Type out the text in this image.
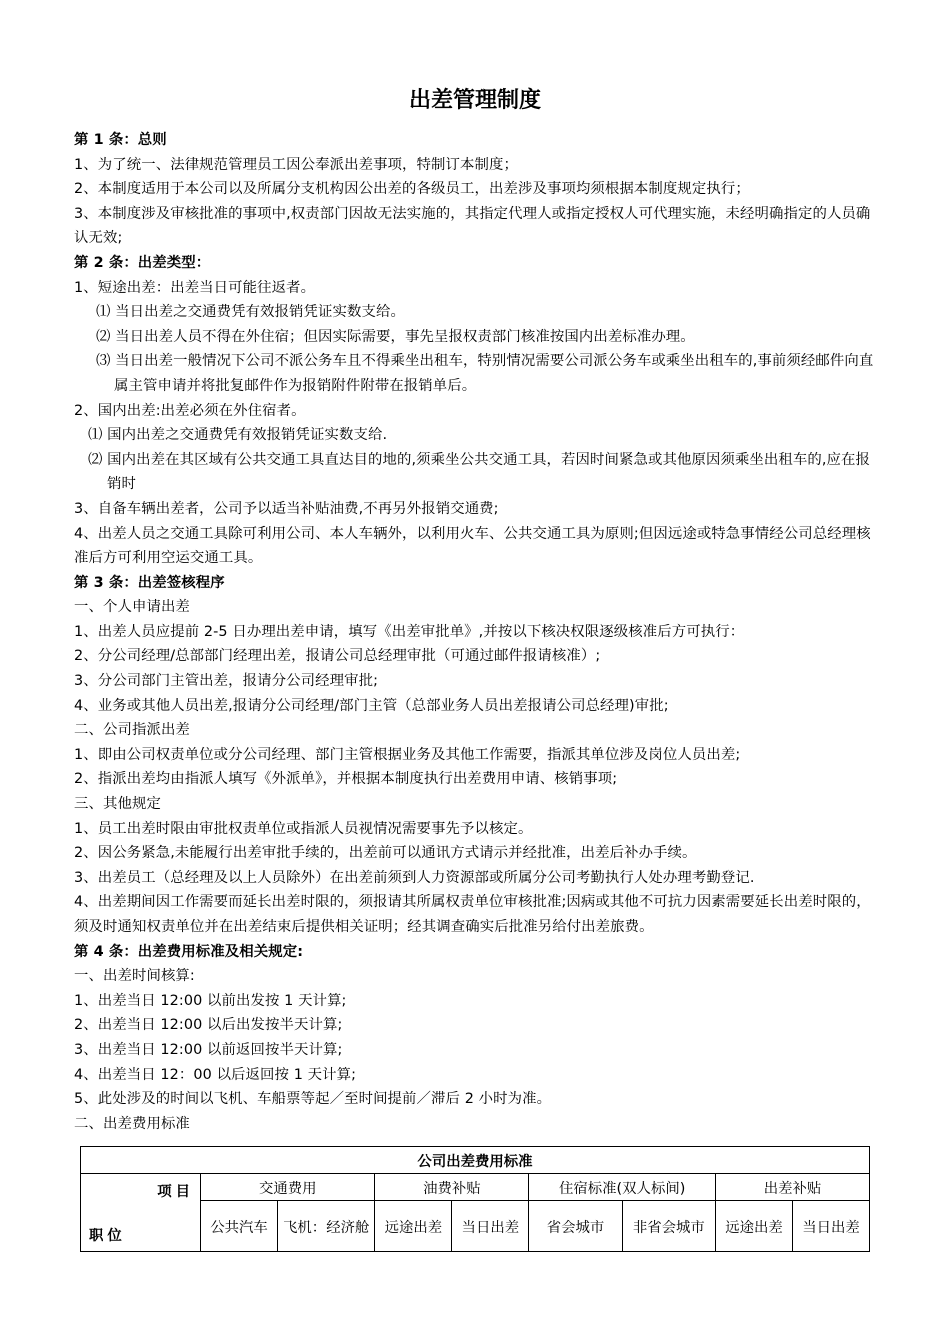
出差管理制度

第 1 条：总则

1、为了统一、法律规范管理员工因公奉派出差事项，特制订本制度；

2、本制度适用于本公司以及所属分支机构因公出差的各级员工，出差涉及事项均须根据本制度规定执行；

3、本制度涉及审核批准的事项中,权责部门因故无法实施的，其指定代理人或指定授权人可代理实施，未经明确指定的人员确认无效;

第 2 条：出差类型：

1、短途出差：出差当日可能往返者。

⑴ 当日出差之交通费凭有效报销凭证实数支给。

⑵ 当日出差人员不得在外住宿；但因实际需要，事先呈报权责部门核准按国内出差标准办理。

⑶ 当日出差一般情况下公司不派公务车且不得乘坐出租车，特别情况需要公司派公务车或乘坐出租车的,事前须经邮件向直属主管申请并将批复邮件作为报销附件附带在报销单后。

2、国内出差:出差必须在外住宿者。

⑴ 国内出差之交通费凭有效报销凭证实数支给.

⑵ 国内出差在其区域有公共交通工具直达目的地的,须乘坐公共交通工具，若因时间紧急或其他原因须乘坐出租车的,应在报销时

3、自备车辆出差者，公司予以适当补贴油费,不再另外报销交通费;

4、出差人员之交通工具除可利用公司、本人车辆外，以利用火车、公共交通工具为原则;但因远途或特急事情经公司总经理核准后方可利用空运交通工具。

第 3 条：出差签核程序

一、个人申请出差

1、出差人员应提前 2-5 日办理出差申请，填写《出差审批单》,并按以下核决权限逐级核准后方可执行：

2、分公司经理/总部部门经理出差，报请公司总经理审批（可通过邮件报请核准）;

3、分公司部门主管出差，报请分公司经理审批;

4、业务或其他人员出差,报请分公司经理/部门主管（总部业务人员出差报请公司总经理)审批;

二、公司指派出差

1、即由公司权责单位或分公司经理、部门主管根据业务及其他工作需要，指派其单位涉及岗位人员出差;

2、指派出差均由指派人填写《外派单》，并根据本制度执行出差费用申请、核销事项;

三、其他规定

1、员工出差时限由审批权责单位或指派人员视情况需要事先予以核定。

2、因公务紧急,未能履行出差审批手续的，出差前可以通讯方式请示并经批准，出差后补办手续。

3、出差员工（总经理及以上人员除外）在出差前须到人力资源部或所属分公司考勤执行人处办理考勤登记.

4、出差期间因工作需要而延长出差时限的，须报请其所属权责单位审核批准;因病或其他不可抗力因素需要延长出差时限的，须及时通知权责单位并在出差结束后提供相关证明；经其调查确实后批准另给付出差旅费。

第 4 条：出差费用标准及相关规定:

一、出差时间核算:

1、出差当日 12:00 以前出发按 1 天计算;

2、出差当日 12:00 以后出发按半天计算;

3、出差当日 12:00 以前返回按半天计算;

4、出差当日 12：00 以后返回按 1 天计算;

5、此处涉及的时间以飞机、车船票等起／至时间提前／滞后 2 小时为准。

二、出差费用标准

公司出差费用标准								

项目
职位	交通费用		油费补贴		住宿标准(双人标间)		出差补贴	
	公共汽车	飞机：经济舱	远途出差	当日出差	省会城市	非省会城市	远途出差	当日出差
